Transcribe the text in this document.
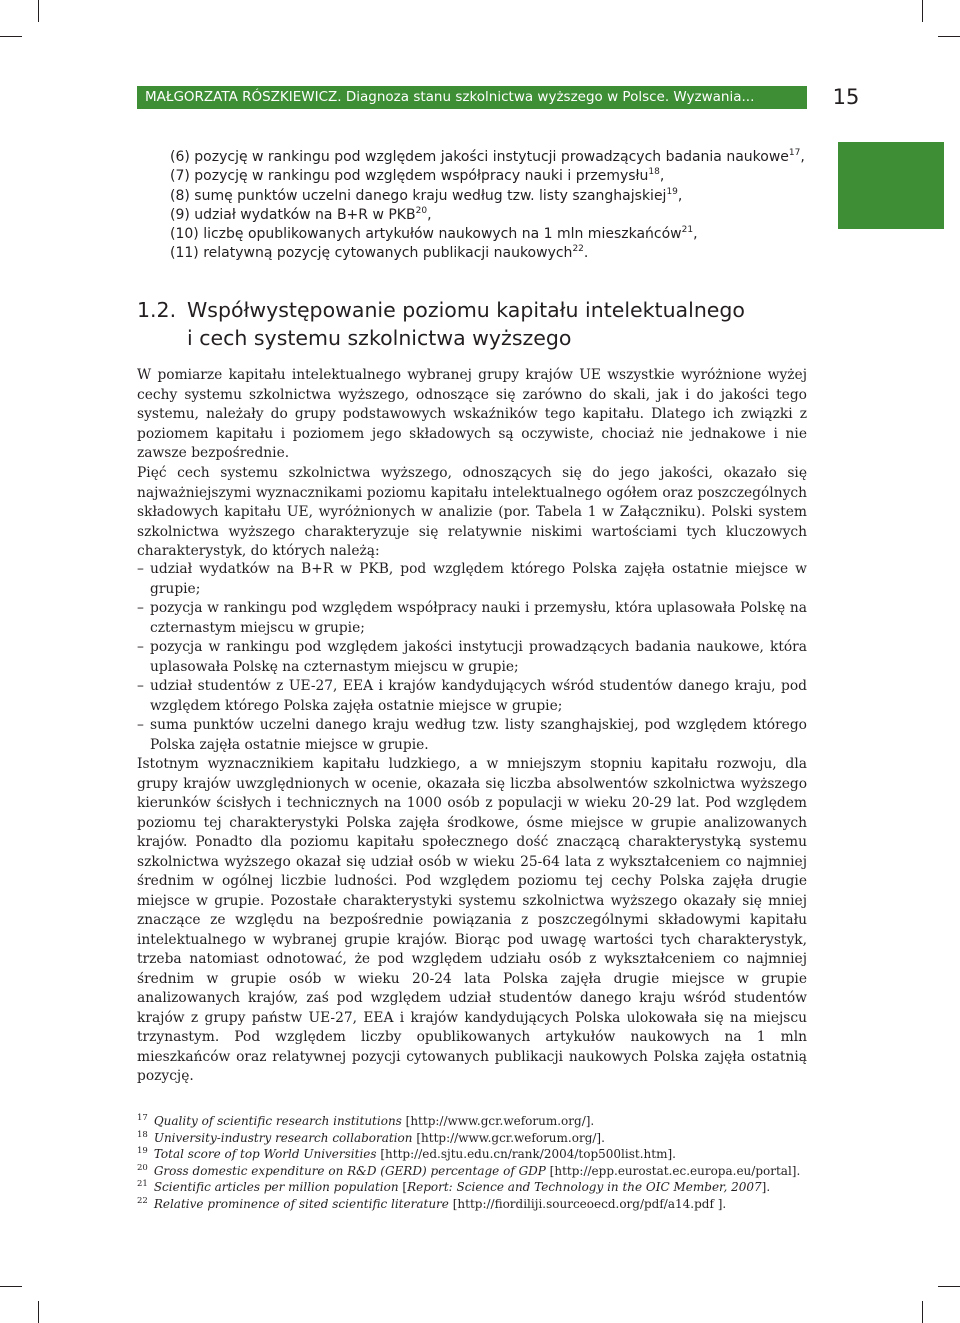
MAŁGORZATA RÓSZKIEWICZ. Diagnoza stanu szkolnictwa wyższego w Polsce. Wyzwania...	15
(6) pozycję w rankingu pod względem jakości instytucji prowadzących badania naukowe$^{17}$,
(7) pozycję w rankingu pod względem współpracy nauki i przemysłu$^{18}$,
(8) sumę punktów uczelni danego kraju według tzw. listy szanghajskiej$^{19}$,
(9) udział wydatków na B+R w PKB$^{20}$,
(10) liczbę opublikowanych artykułów naukowych na 1 mln mieszkańców$^{21}$,
(11) relatywną pozycję cytowanych publikacji naukowych$^{22}$.
1.2. Współwystępowanie poziomu kapitału intelektualnego
i cech systemu szkolnictwa wyższego

W pomiarze kapitału intelektualnego wybranej grupy krajów UE wszystkie wyróżnione wyżej cechy systemu szkolnictwa wyższego, odnoszące się zarówno do skali, jak i do jakości tego systemu, należały do grupy podstawowych wskaźników tego kapitału. Dlatego ich związki z poziomem kapitału i poziomem jego składowych są oczywiste, chociaż nie jednakowe i nie zawsze bezpośrednie.

Pięć cech systemu szkolnictwa wyższego, odnoszących się do jego jakości, okazało się najważniejszymi wyznacznikami poziomu kapitału intelektualnego ogółem oraz poszczególnych składowych kapitału UE, wyróżnionych w analizie (por. Tabela 1 w Załączniku). Polski system szkolnictwa wyższego charakteryzuje się relatywnie niskimi wartościami tych kluczowych charakterystyk, do których należą:

– udział wydatków na B+R w PKB, pod względem którego Polska zajęła ostatnie miejsce w grupie;
– pozycja w rankingu pod względem współpracy nauki i przemysłu, która uplasowała Polskę na czternastym miejscu w grupie;
– pozycja w rankingu pod względem jakości instytucji prowadzących badania naukowe, która uplasowała Polskę na czternastym miejscu w grupie;
– udział studentów z UE-27, EEA i krajów kandydujących wśród studentów danego kraju, pod względem którego Polska zajęła ostatnie miejsce w grupie;
– suma punktów uczelni danego kraju według tzw. listy szanghajskiej, pod względem którego Polska zajęła ostatnie miejsce w grupie.

Istotnym wyznacznikiem kapitału ludzkiego, a w mniejszym stopniu kapitału rozwoju, dla grupy krajów uwzględnionych w ocenie, okazała się liczba absolwentów szkolnictwa wyższego kierunków ścisłych i technicznych na 1000 osób z populacji w wieku 20-29 lat. Pod względem poziomu tej charakterystyki Polska zajęła środkowe, ósme miejsce w grupie analizowanych krajów. Ponadto dla poziomu kapitału społecznego dość znaczącą charakterystyką systemu szkolnictwa wyższego okazał się udział osób w wieku 25-64 lata z wykształceniem co najmniej średnim w ogólnej liczbie ludności. Pod względem poziomu tej cechy Polska zajęła drugie miejsce w grupie. Pozostałe charakterystyki systemu szkolnictwa wyższego okazały się mniej znaczące ze względu na bezpośrednie powiązania z poszczególnymi składowymi kapitału intelektualnego w wybranej grupie krajów. Biorąc pod uwagę wartości tych charakterystyk, trzeba natomiast odnotować, że pod względem udziału osób z wykształceniem co najmniej średnim w grupie osób w wieku 20-24 lata Polska zajęła drugie miejsce w grupie analizowanych krajów, zaś pod względem udział studentów danego kraju wśród studentów krajów z grupy państw UE-27, EEA i krajów kandydujących Polska ulokowała się na miejscu trzynastym. Pod względem liczby opublikowanych artykułów naukowych na 1 mln mieszkańców oraz relatywnej pozycji cytowanych publikacji naukowych Polska zajęła ostatnią pozycję.

$^{17}$ Quality of scientific research institutions [http://www.gcr.weforum.org/].
$^{18}$ University-industry research collaboration [http://www.gcr.weforum.org/].
$^{19}$ Total score of top World Universities [http://ed.sjtu.edu.cn/rank/2004/top500list.htm].
$^{20}$ Gross domestic expenditure on R&D (GERD) percentage of GDP [http://epp.eurostat.ec.europa.eu/portal].
$^{21}$ Scientific articles per million population [Report: Science and Technology in the OIC Member, 2007].
$^{22}$ Relative prominence of sited scientific literature [http://fiordiliji.sourceoecd.org/pdf/a14.pdf ].
